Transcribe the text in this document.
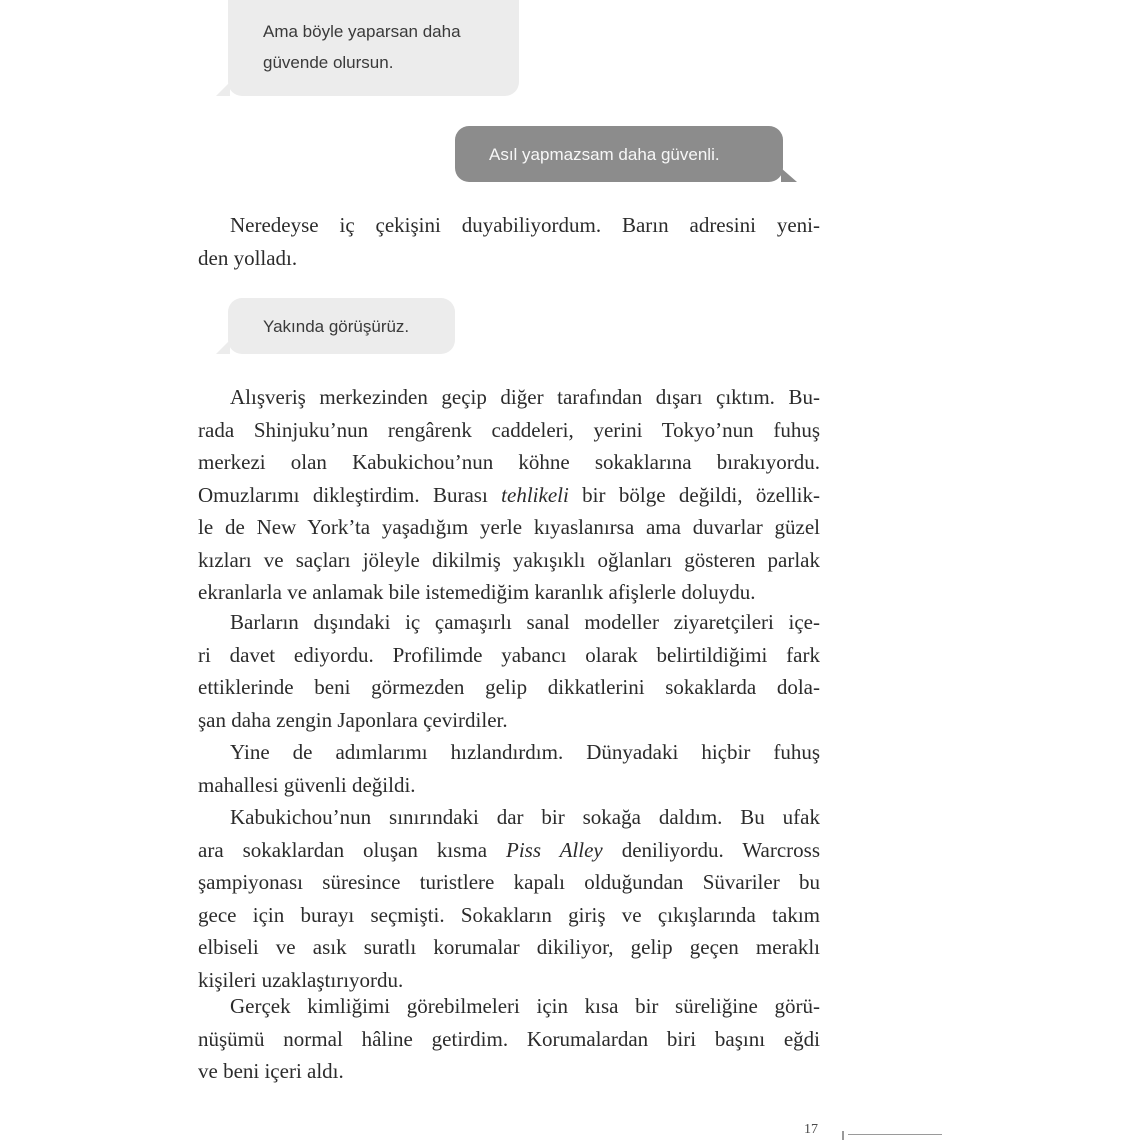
Ama böyle yaparsan daha
güvende olursun.
Asıl yapmazsam daha güvenli.

Neredeyse iç çekişini duyabiliyordum. Barın adresini yeni-
den yolladı.

Yakında görüşürüz.

Alışveriş merkezinden geçip diğer tarafından dışarı çıktım. Bu-
rada Shinjuku’nun rengârenk caddeleri, yerini Tokyo’nun fuhuş
merkezi olan Kabukichou’nun köhne sokaklarına bırakıyordu.
Omuzlarımı dikleştirdim. Burası tehlikeli bir bölge değildi, özellik-
le de New York’ta yaşadığım yerle kıyaslanırsa ama duvarlar güzel
kızları ve saçları jöleyle dikilmiş yakışıklı oğlanları gösteren parlak
ekranlarla ve anlamak bile istemediğim karanlık afişlerle doluydu.

Barların dışındaki iç çamaşırlı sanal modeller ziyaretçileri içe-
ri davet ediyordu. Profilimde yabancı olarak belirtildiğimi fark
ettiklerinde beni görmezden gelip dikkatlerini sokaklarda dola-
şan daha zengin Japonlara çevirdiler.

Yine de adımlarımı hızlandırdım. Dünyadaki hiçbir fuhuş
mahallesi güvenli değildi.

Kabukichou’nun sınırındaki dar bir sokağa daldım. Bu ufak
ara sokaklardan oluşan kısma Piss Alley deniliyordu. Warcross
şampiyonası süresince turistlere kapalı olduğundan Süvariler bu
gece için burayı seçmişti. Sokakların giriş ve çıkışlarında takım
elbiseli ve asık suratlı korumalar dikiliyor, gelip geçen meraklı
kişileri uzaklaştırıyordu.

Gerçek kimliğimi görebilmeleri için kısa bir süreliğine görü-
nüşümü normal hâline getirdim. Korumalardan biri başını eğdi
ve beni içeri aldı.

17
